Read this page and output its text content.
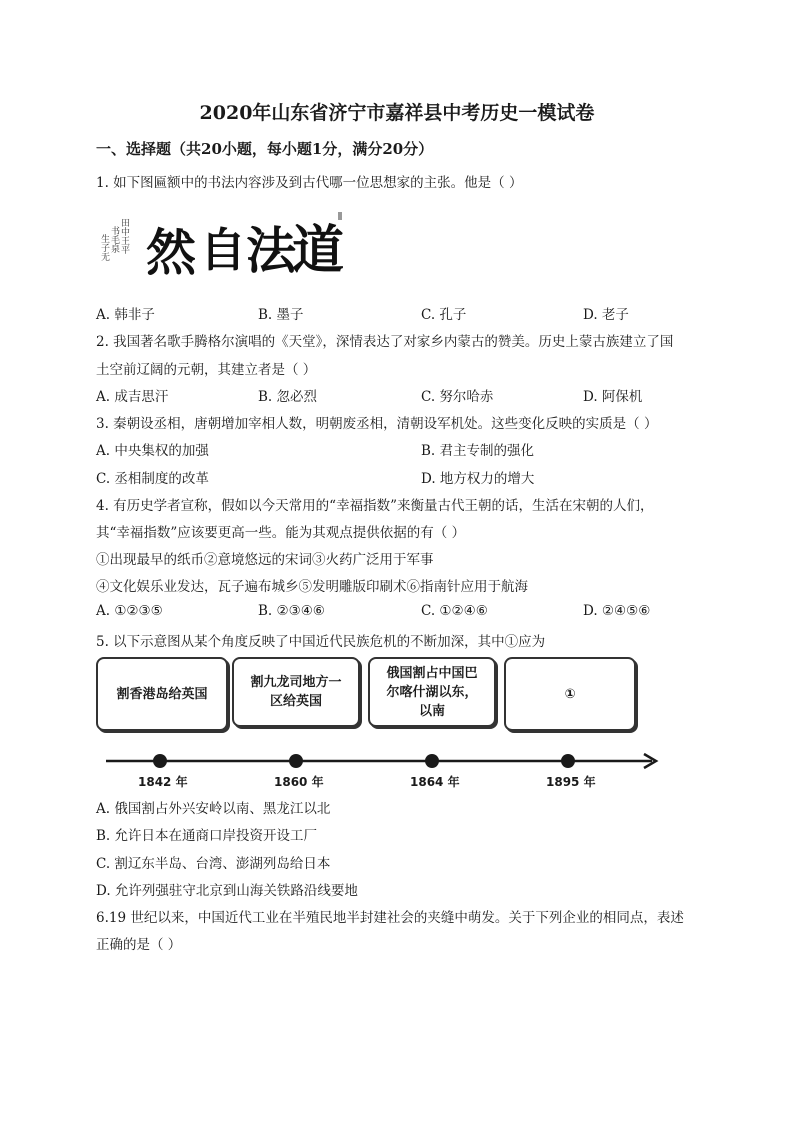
2020年山东省济宁市嘉祥县中考历史一模试卷
一、选择题（共20小题，每小题1分，满分20分）
1. 如下图匾额中的书法内容涉及到古代哪一位思想家的主张。他是（ ）
田中王平
书毛泉
生子无	道
法
自
然
A. 韩非子	B. 墨子	C. 孔子	D. 老子
2. 我国著名歌手腾格尔演唱的《天堂》，深情表达了对家乡内蒙古的赞美。历史上蒙古族建立了国
土空前辽阔的元朝，其建立者是（ ）
A. 成吉思汗	B. 忽必烈	C. 努尔哈赤	D. 阿保机
3. 秦朝设丞相，唐朝增加宰相人数，明朝废丞相，清朝设军机处。这些变化反映的实质是（ ）
A. 中央集权的加强	B. 君主专制的强化
C. 丞相制度的改革	D. 地方权力的增大
4. 有历史学者宣称，假如以今天常用的“幸福指数”来衡量古代王朝的话，生活在宋朝的人们，
其“幸福指数”应该要更高一些。能为其观点提供依据的有（ ）
①出现最早的纸币②意境悠远的宋词③火药广泛用于军事
④文化娱乐业发达，瓦子遍布城乡⑤发明雕版印刷术⑥指南针应用于航海
A. ①②③⑤	B. ②③④⑥	C. ①②④⑥	D. ②④⑤⑥
5. 以下示意图从某个角度反映了中国近代民族危机的不断加深，其中①应为
割香港岛给英国
割九龙司地方一区给英国
俄国割占中国巴尔喀什湖以东，以南
①
1842 年	1860 年	1864 年	1895 年
A. 俄国割占外兴安岭以南、黑龙江以北
B. 允许日本在通商口岸投资开设工厂
C. 割辽东半岛、台湾、澎湖列岛给日本
D. 允许列强驻守北京到山海关铁路沿线要地
6.19 世纪以来，中国近代工业在半殖民地半封建社会的夹缝中萌发。关于下列企业的相同点，表述
正确的是（ ）
